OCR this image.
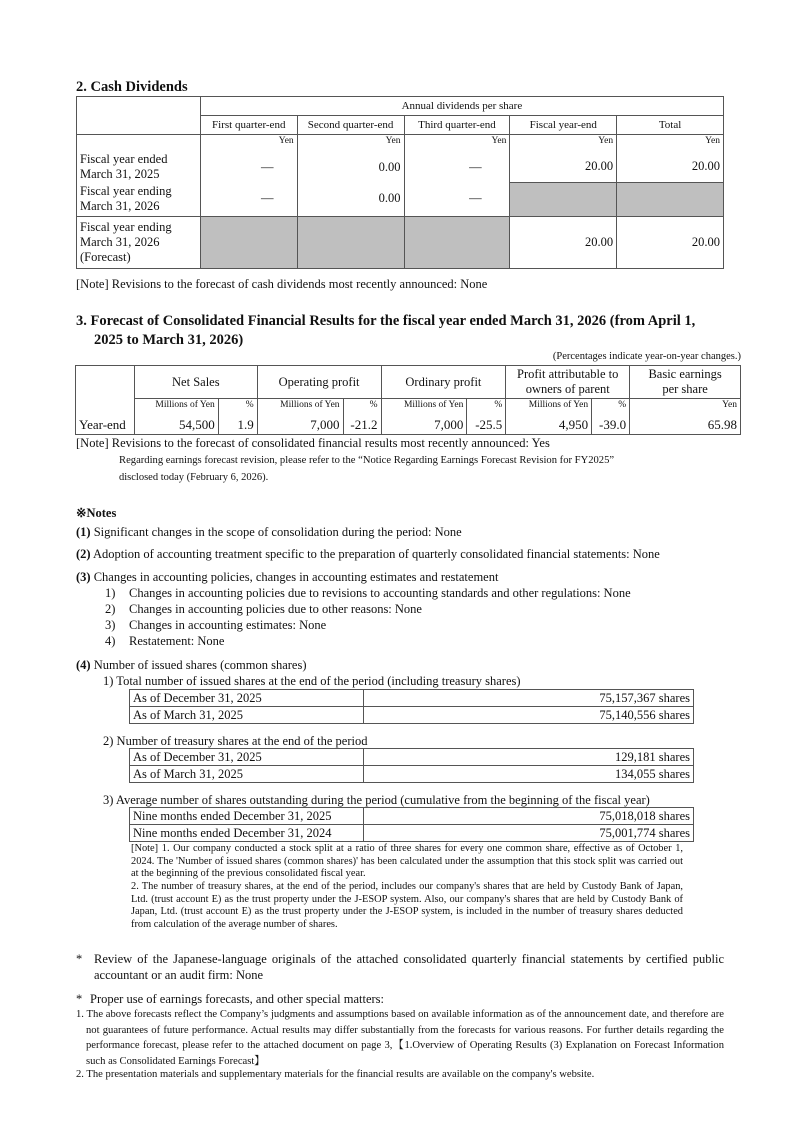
2. Cash Dividends
	Annual dividends per share				
	First quarter-end	Second quarter-end	Third quarter-end	Fiscal year-end	Total
	Yen	Yen	Yen	Yen	Yen
Fiscal year ended
March 31, 2025	—	0.00	—	20.00	20.00
Fiscal year ending
March 31, 2026	—	0.00	—		
Fiscal year ending
March 31, 2026
(Forecast)				20.00	20.00
[Note] Revisions to the forecast of cash dividends most recently announced: None
3. Forecast of Consolidated Financial Results for the fiscal year ended March 31, 2026 (from April 1,
2025 to March 31, 2026)
(Percentages indicate year-on-year changes.)
	Net Sales		Operating profit		Ordinary profit		Profit attributable to
owners of parent		Basic earnings
per share
	Millions of Yen	%	Millions of Yen	%	Millions of Yen	%	Millions of Yen	%	Yen
Year-end	54,500	1.9	7,000	-21.2	7,000	-25.5	4,950	-39.0	65.98
[Note] Revisions to the forecast of consolidated financial results most recently announced: Yes
Regarding earnings forecast revision, please refer to the “Notice Regarding Earnings Forecast Revision for FY2025”
disclosed today (February 6, 2026).
※Notes
(1) Significant changes in the scope of consolidation during the period: None
(2) Adoption of accounting treatment specific to the preparation of quarterly consolidated financial statements: None
(3) Changes in accounting policies, changes in accounting estimates and restatement
1) Changes in accounting policies due to revisions to accounting standards and other regulations: None
2) Changes in accounting policies due to other reasons: None
3) Changes in accounting estimates: None
4) Restatement: None
(4) Number of issued shares (common shares)
1) Total number of issued shares at the end of the period (including treasury shares)
As of December 31, 2025	75,157,367 shares
As of March 31, 2025	75,140,556 shares
2) Number of treasury shares at the end of the period
As of December 31, 2025	129,181 shares
As of March 31, 2025	134,055 shares
3) Average number of shares outstanding during the period (cumulative from the beginning of the fiscal year)
Nine months ended December 31, 2025	75,018,018 shares
Nine months ended December 31, 2024	75,001,774 shares
[Note] 1. Our company conducted a stock split at a ratio of three shares for every one common share, effective as of October 1, 2024. The 'Number of issued shares (common shares)' has been calculated under the assumption that this stock split was carried out at the beginning of the previous consolidated fiscal year.
2. The number of treasury shares, at the end of the period, includes our company's shares that are held by Custody Bank of Japan, Ltd. (trust account E) as the trust property under the J-ESOP system. Also, our company's shares that are held by Custody Bank of Japan, Ltd. (trust account E) as the trust property under the J-ESOP system, is included in the number of treasury shares deducted from calculation of the average number of shares.
* Review of the Japanese-language originals of the attached consolidated quarterly financial statements by certified public accountant or an audit firm: None
* Proper use of earnings forecasts, and other special matters:
1. The above forecasts reflect the Company’s judgments and assumptions based on available information as of the announcement date, and therefore are not guarantees of future performance. Actual results may differ substantially from the forecasts for various reasons. For further details regarding the performance forecast, please refer to the attached document on page 3,【1.Overview of Operating Results (3) Explanation on Forecast Information such as Consolidated Earnings Forecast】
2. The presentation materials and supplementary materials for the financial results are available on the company's website.
